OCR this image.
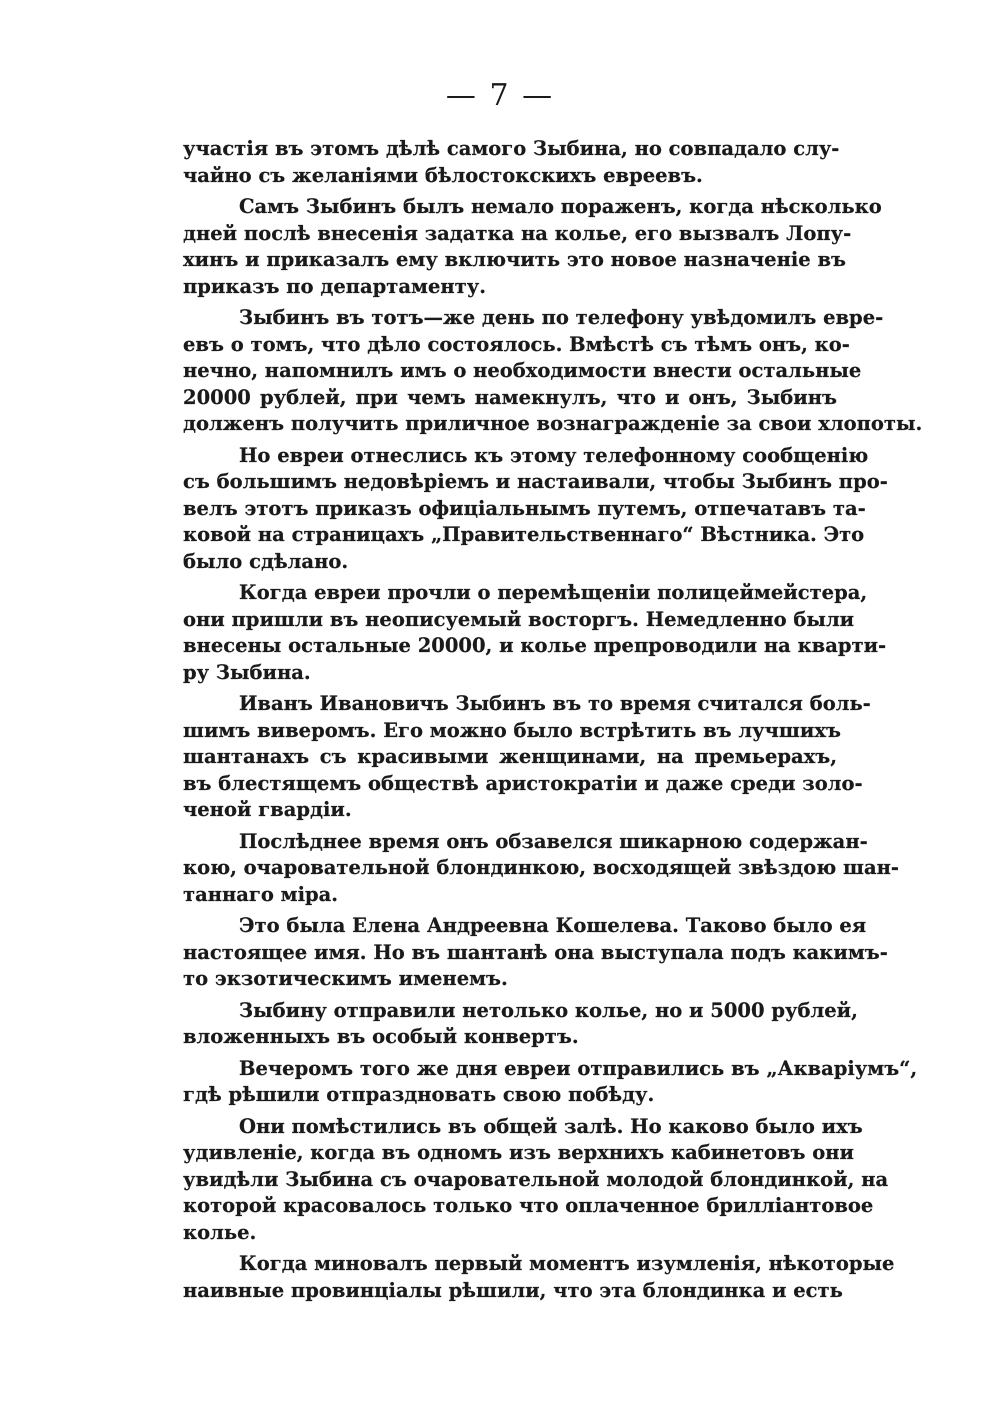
— 7 —
участія въ этомъ дѣлѣ самого Зыбина, но совпадало слу-
чайно съ желаніями бѣлостокскихъ евреевъ.
Самъ Зыбинъ былъ немало пораженъ, когда нѣсколько
дней послѣ внесенія задатка на колье, его вызвалъ Лопу-
хинъ и приказалъ ему включить это новое назначеніе въ
приказъ по департаменту.
Зыбинъ въ тотъ—же день по телефону увѣдомилъ евре-
евъ о томъ, что дѣло состоялось. Вмѣстѣ съ тѣмъ онъ, ко-
нечно, напомнилъ имъ о необходимости внести остальные
20000 рублей, при чемъ намекнулъ, что и онъ, Зыбинъ
долженъ получить приличное вознагражденіе за свои хлопоты.
Но евреи отнеслись къ этому телефонному сообщенію
съ большимъ недовѣріемъ и настаивали, чтобы Зыбинъ про-
велъ этотъ приказъ офиціальнымъ путемъ, отпечатавъ та-
ковой на страницахъ „Правительственнаго“ Вѣстника. Это
было сдѣлано.
Когда евреи прочли о перемѣщеніи полицеймейстера,
они пришли въ неописуемый восторгъ. Немедленно были
внесены остальные 20000, и колье препроводили на кварти-
ру Зыбина.
Иванъ Ивановичъ Зыбинъ въ то время считался боль-
шимъ виверомъ. Его можно было встрѣтить въ лучшихъ
шантанахъ съ красивыми женщинами, на премьерахъ,
въ блестящемъ обществѣ аристократіи и даже среди золо-
ченой гвардіи.
Послѣднее время онъ обзавелся шикарною содержан-
кою, очаровательной блондинкою, восходящей звѣздою шан-
таннаго міра.
Это была Елена Андреевна Кошелева. Таково было ея
настоящее имя. Но въ шантанѣ она выступала подъ какимъ-
то экзотическимъ именемъ.
Зыбину отправили нетолько колье, но и 5000 рублей,
вложенныхъ въ особый конвертъ.
Вечеромъ того же дня евреи отправились въ „Акваріумъ“,
гдѣ рѣшили отпраздновать свою побѣду.
Они помѣстились въ общей залѣ. Но каково было ихъ
удивленіе, когда въ одномъ изъ верхнихъ кабинетовъ они
увидѣли Зыбина съ очаровательной молодой блондинкой, на
которой красовалось только что оплаченное бриллiантовое
колье.
Когда миновалъ первый моментъ изумленія, нѣкоторые
наивные провинціалы рѣшили, что эта блондинка и есть
